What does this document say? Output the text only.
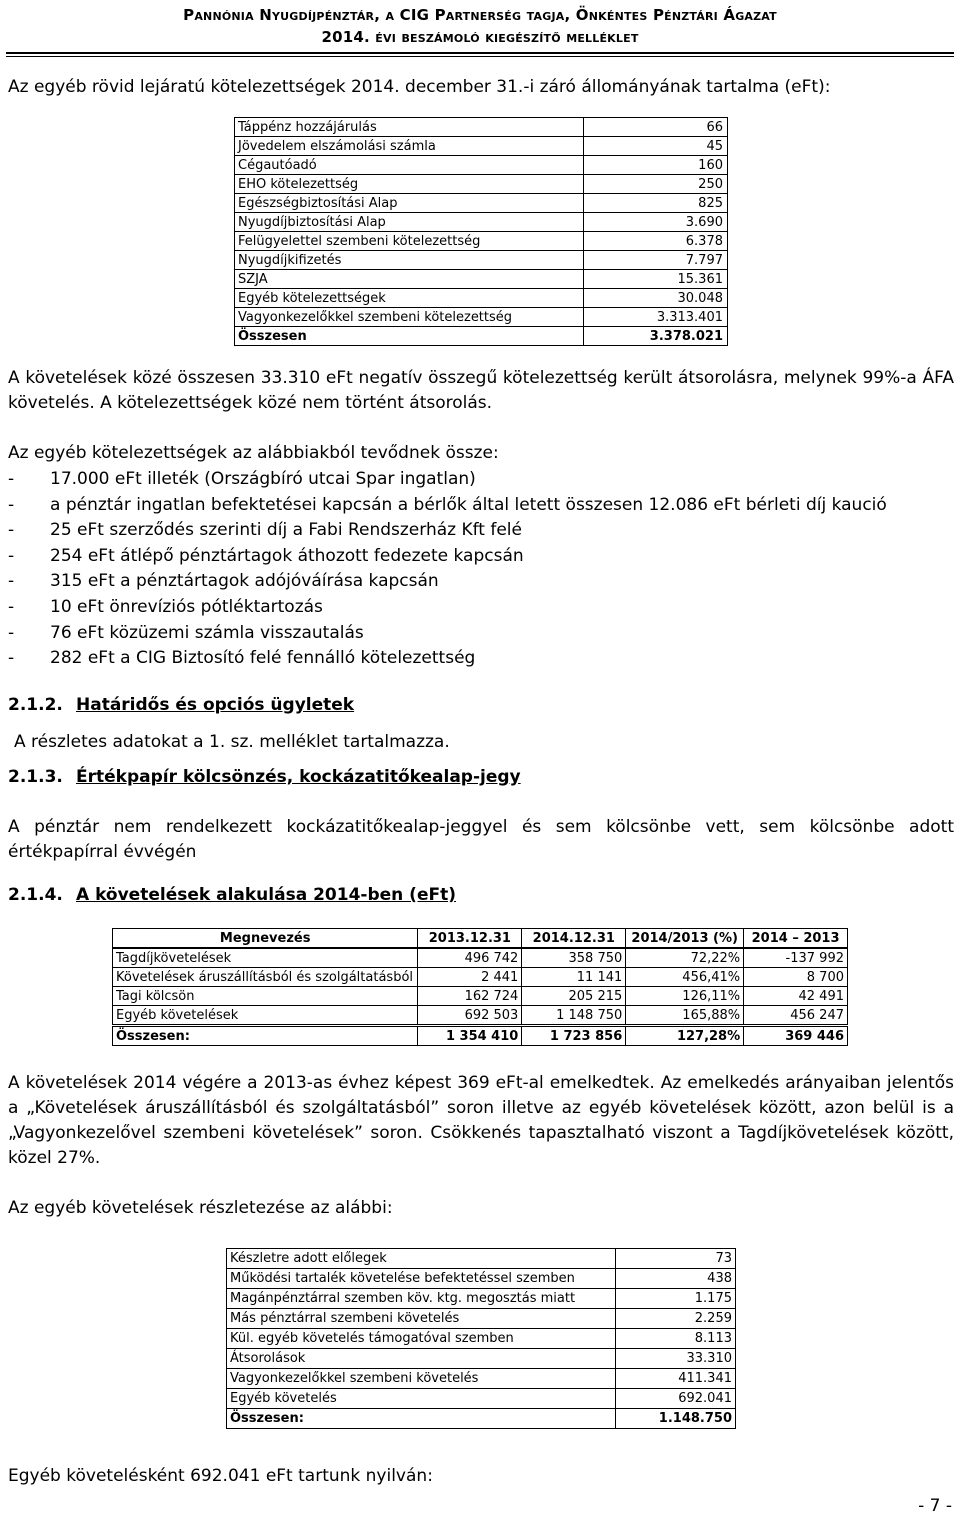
Pannónia Nyugdíjpénztár, a CIG Partnerség tagja, Önkéntes Pénztári Ágazat
2014. évi beszámoló kiegészítő melléklet
Az egyéb rövid lejáratú kötelezettségek 2014. december 31.-i záró állományának tartalma (eFt):
Táppénz hozzájárulás	66
Jövedelem elszámolási számla	45
Cégautóadó	160
EHO kötelezettség	250
Egészségbiztosítási Alap	825
Nyugdíjbiztosítási Alap	3.690
Felügyelettel szembeni kötelezettség	6.378
Nyugdíjkifizetés	7.797
SZJA	15.361
Egyéb kötelezettségek	30.048
Vagyonkezelőkkel szembeni kötelezettség	3.313.401
Összesen	3.378.021
A követelések közé összesen 33.310 eFt negatív összegű kötelezettség került átsorolásra, melynek 99%-a ÁFA követelés. A kötelezettségek közé nem történt átsorolás.
Az egyéb kötelezettségek az alábbiakból tevődnek össze:
- 17.000 eFt illeték (Országbíró utcai Spar ingatlan)
- a pénztár ingatlan befektetései kapcsán a bérlők által letett összesen 12.086 eFt bérleti díj kaució
- 25 eFt szerződés szerinti díj a Fabi Rendszerház Kft felé
- 254 eFt átlépő pénztártagok áthozott fedezete kapcsán
- 315 eFt a pénztártagok adójóváírása kapcsán
- 10 eFt önrevíziós pótléktartozás
- 76 eFt közüzemi számla visszautalás
- 282 eFt a CIG Biztosító felé fennálló kötelezettség
2.1.2. Határidős és opciós ügyletek
A részletes adatokat a 1. sz. melléklet tartalmazza.
2.1.3. Értékpapír kölcsönzés, kockázatitőkealap-jegy
A pénztár nem rendelkezett kockázatitőkealap-jeggyel és sem kölcsönbe vett, sem kölcsönbe adott értékpapírral évvégén
2.1.4. A követelések alakulása 2014-ben (eFt)
Megnevezés	2013.12.31	2014.12.31	2014/2013 (%)	2014 – 2013
Tagdíjkövetelések	496 742	358 750	72,22%	-137 992
Követelések áruszállításból és szolgáltatásból	2 441	11 141	456,41%	8 700
Tagi kölcsön	162 724	205 215	126,11%	42 491
Egyéb követelések	692 503	1 148 750	165,88%	456 247
Összesen:	1 354 410	1 723 856	127,28%	369 446
A követelések 2014 végére a 2013-as évhez képest 369 eFt-al emelkedtek. Az emelkedés arányaiban jelentős a „Követelések áruszállításból és szolgáltatásból” soron illetve az egyéb követelések között, azon belül is a „Vagyonkezelővel szembeni követelések” soron. Csökkenés tapasztalható viszont a Tagdíjkövetelések között, közel 27%.
Az egyéb követelések részletezése az alábbi:
Készletre adott előlegek	73
Működési tartalék követelése befektetéssel szemben	438
Magánpénztárral szemben köv. ktg. megosztás miatt	1.175
Más pénztárral szembeni követelés	2.259
Kül. egyéb követelés támogatóval szemben	8.113
Átsorolások	33.310
Vagyonkezelőkkel szembeni követelés	411.341
Egyéb követelés	692.041
Összesen:	1.148.750
Egyéb követelésként 692.041 eFt tartunk nyilván:
- 7 -
